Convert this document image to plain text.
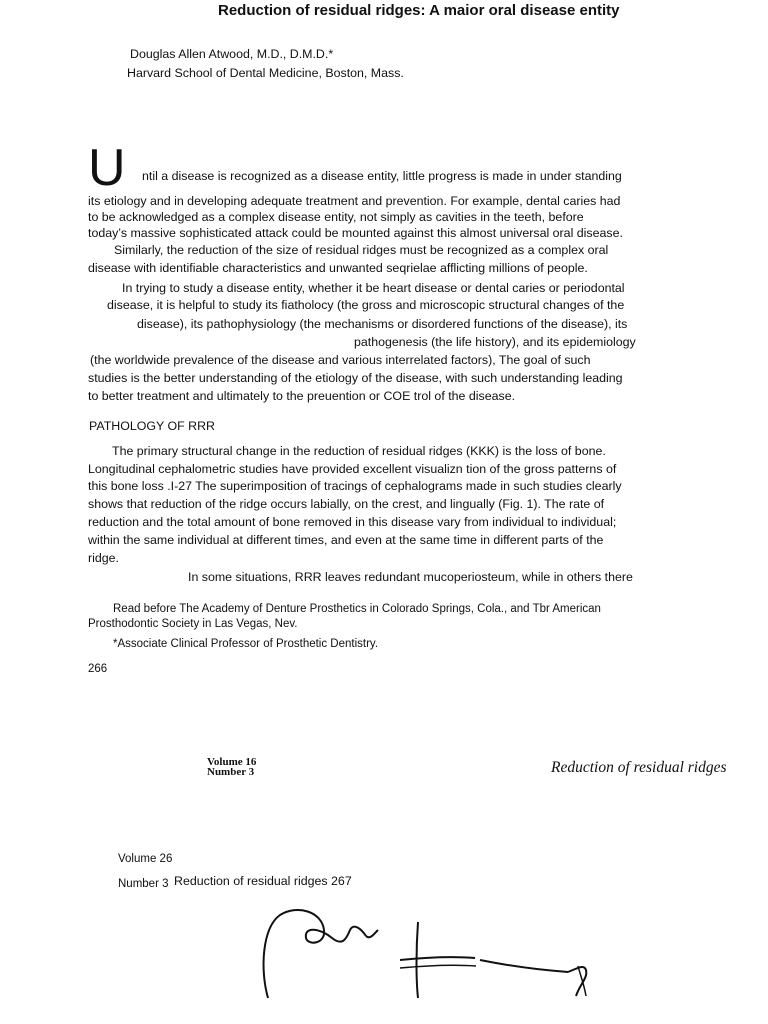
Reduction of residual ridges: A maior oral disease entity
Douglas Allen Atwood, M.D., D.M.D.*
Harvard School of Dental Medicine, Boston, Mass.
U ntil a disease is recognized as a disease entity, little progress is made in under standing
its etiology and in developing adequate treatment and prevention. For example, dental caries had
to be acknowledged as a complex disease entity, not simply as cavities in the teeth, before
today’s massive sophisticated attack could be mounted against this almost universal oral disease.
Similarly, the reduction of the size of residual ridges must be recognized as a complex oral
disease with identifiable characteristics and unwanted seqrielae afflicting millions of people.
In trying to study a disease entity, whether it be heart disease or dental caries or periodontal
disease, it is helpful to study its fiatholocy (the gross and microscopic structural changes of the
disease), its pathophysiology (the mechanisms or disordered functions of the disease), its
pathogenesis (the life history), and its epidemiology
(the worldwide prevalence of the disease and various interrelated factors), The goal of such
studies is the better understanding of the etiology of the disease, with such understanding leading
to better treatment and ultimately to the preuention or COE trol of the disease.
PATHOLOGY OF RRR
The primary structural change in the reduction of residual ridges (KKK) is the loss of bone.
Longitudinal cephalometric studies have provided excellent visualizn tion of the gross patterns of
this bone loss .I-27 The superimposition of tracings of cephalograms made in such studies clearly
shows that reduction of the ridge occurs labially, on the crest, and lingually (Fig. 1). The rate of
reduction and the total amount of bone removed in this disease vary from individual to individual;
within the same individual at different times, and even at the same time in different parts of the
ridge.
In some situations, RRR leaves redundant mucoperiosteum, while in others there
Read before The Academy of Denture Prosthetics in Colorado Springs, Cola., and Tbr American
Prosthodontic Society in Las Vegas, Nev.
*Associate Clinical Professor of Prosthetic Dentistry.
266
Volume 16
Number 3	Reduction of residual ridges
Volume 26
Number 3 Reduction of residual ridges 267
